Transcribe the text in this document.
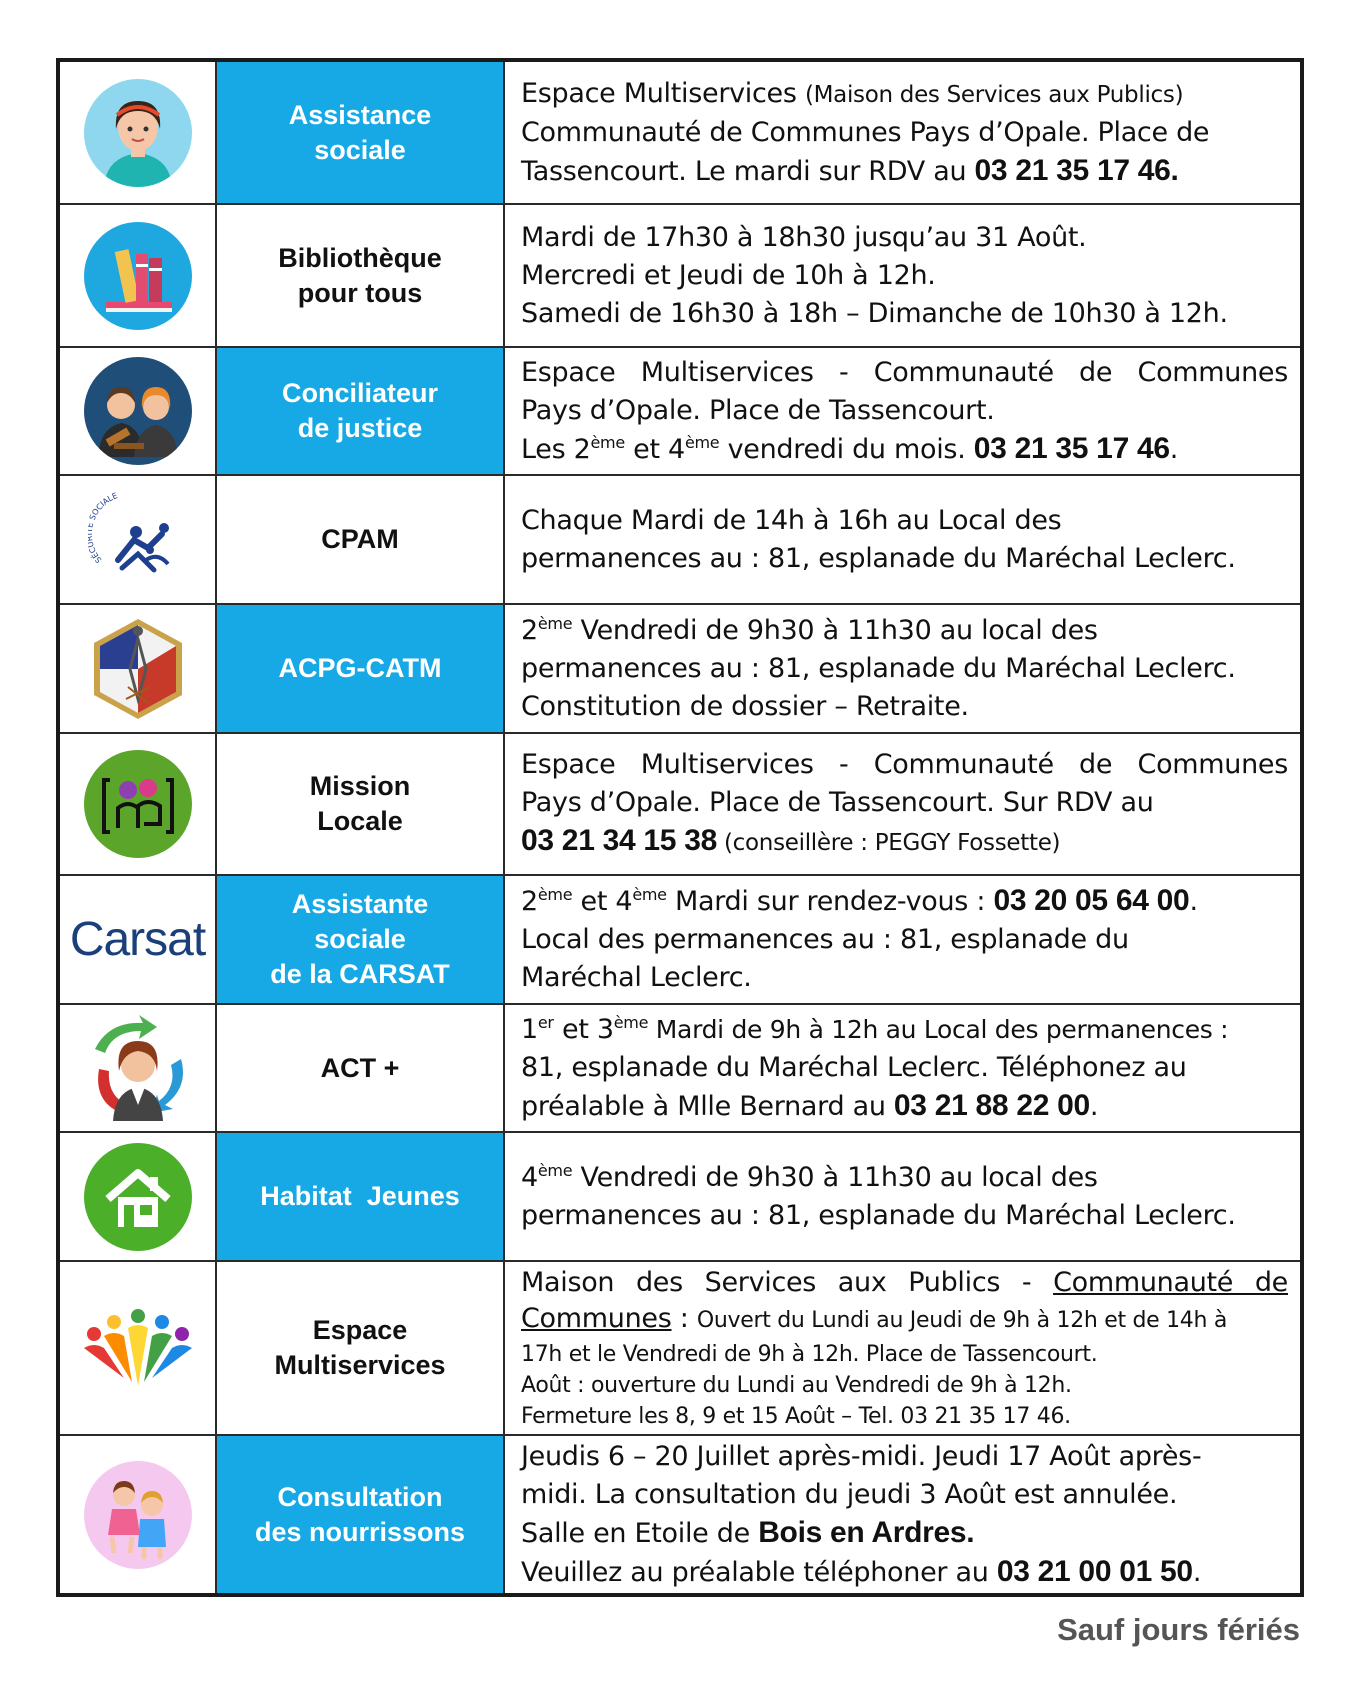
Assistance
sociale
Espace Multiservices (Maison des Services aux Publics)
Communauté de Communes Pays d’Opale. Place de
Tassencourt. Le mardi sur RDV au 03 21 35 17 46.
Bibliothèque
pour tous
Mardi de 17h30 à 18h30 jusqu’au 31 Août.
Mercredi et Jeudi de 10h à 12h.
Samedi de 16h30 à 18h – Dimanche de 10h30 à 12h.
Conciliateur
de justice
Espace Multiservices - Communauté de Communes
Pays d’Opale. Place de Tassencourt.
Les 2ème et 4ème vendredi du mois. 03 21 35 17 46.
SÉC SOCIALE
CPAM
Chaque Mardi de 14h à 16h au Local des
permanences au : 81, esplanade du Maréchal Leclerc.
ACPG-CATM
2ème Vendredi de 9h30 à 11h30 au local des
permanences au : 81, esplanade du Maréchal Leclerc.
Constitution de dossier – Retraite.
Mission
Locale
Espace Multiservices - Communauté de Communes
Pays d’Opale. Place de Tassencourt. Sur RDV au
03 21 34 15 38 (conseillère : PEGGY Fossette)
Carsat
Assistante
sociale
de la CARSAT
2ème et 4ème Mardi sur rendez-vous : 03 20 05 64 00.
Local des permanences au : 81, esplanade du
Maréchal Leclerc.
ACT +
1er et 3ème Mardi de 9h à 12h au Local des permanences :
81, esplanade du Maréchal Leclerc. Téléphonez au
préalable à Mlle Bernard au 03 21 88 22 00.
Habitat  Jeunes
4ème Vendredi de 9h30 à 11h30 au local des
permanences au : 81, esplanade du Maréchal Leclerc.
Espace
Multiservices
Maison des Services aux Publics - Communauté de
Communes : Ouvert du Lundi au Jeudi de 9h à 12h et de 14h à
17h et le Vendredi de 9h à 12h. Place de Tassencourt.
Août : ouverture du Lundi au Vendredi de 9h à 12h.
Fermeture les 8, 9 et 15 Août – Tel. 03 21 35 17 46.
Consultation
des nourrissons
Jeudis 6 – 20 Juillet après-midi. Jeudi 17 Août après-
midi. La consultation du jeudi 3 Août est annulée.
Salle en Etoile de Bois en Ardres.
Veuillez au préalable téléphoner au 03 21 00 01 50.
Sauf jours fériés
